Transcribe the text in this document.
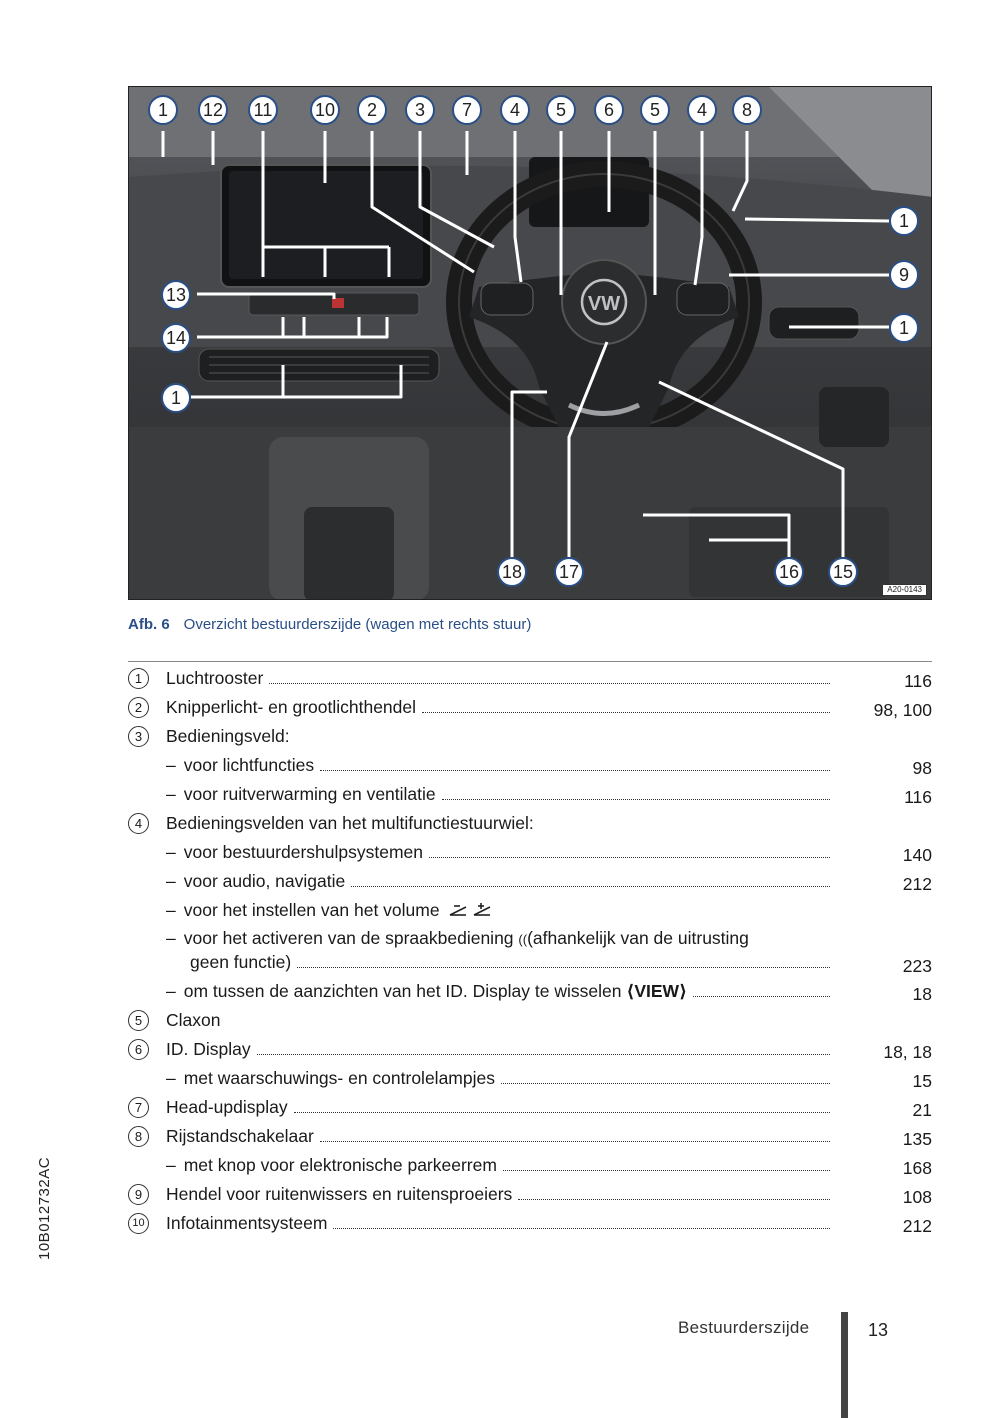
VW
1	12	11	10	2	3	7	4	5	6	5	4	8
1
9
1
13
14
1
18 17	16 15
A20-0143
Afb. 6 Overzicht bestuurderszijde (wagen met rechts stuur)
1	Luchtrooster	116
2	Knipperlicht- en grootlichthendel	98, 100
3	Bedieningsveld:
– voor lichtfuncties	98
– voor ruitverwarming en ventilatie	116
4	Bedieningsvelden van het multifunctiestuurwiel:
– voor bestuurdershulpsystemen	140
– voor audio, navigatie	212
– voor het instellen van het volume
– voor het activeren van de spraakbediening (((afhankelijk van de uitrusting
geen functie)	223
– om tussen de aanzichten van het ID. Display te wisselen ⟨VIEW⟩	18
5	Claxon
6	ID. Display	18, 18
– met waarschuwings- en controlelampjes	15
7	Head-updisplay	21
8	Rijstandschakelaar	135
– met knop voor elektronische parkeerrem	168
9	Hendel voor ruitenwissers en ruitensproeiers	108
10 Infotainmentsysteem	212
10B012732AC
Bestuurderszijde	13
